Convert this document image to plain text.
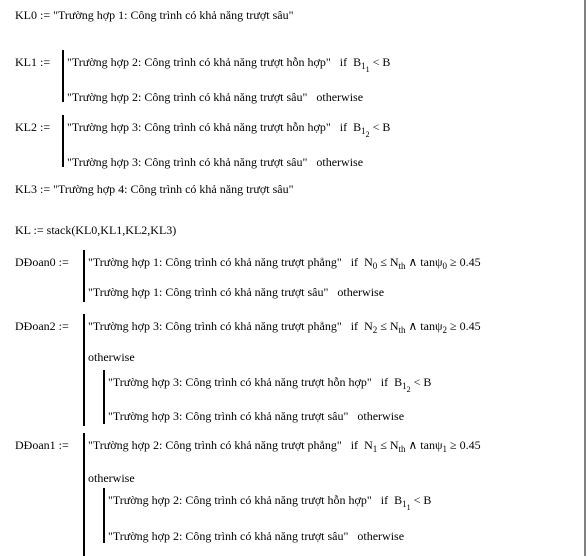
KL0 := "Trường hợp 1: Công trình có khả năng trượt sâu"
KL1 := "Trường hợp 2: Công trình có khả năng trượt hỗn hợp" if $B_{1_1} < B$
"Trường hợp 2: Công trình có khả năng trượt sâu" otherwise
KL2 := "Trường hợp 3: Công trình có khả năng trượt hỗn hợp" if $B_{1_2} < B$
"Trường hợp 3: Công trình có khả năng trượt sâu" otherwise
KL3 := "Trường hợp 4: Công trình có khả năng trượt sâu"
KL := stack(KL0,KL1,KL2,KL3)
DĐoan0 := "Trường hợp 1: Công trình có khả năng trượt phẳng" if $N_0 \le N_{th}$ ∧ tanψ$_0$ ≥ 0.45
"Trường hợp 1: Công trình có khả năng trượt sâu" otherwise
DĐoan2 := "Trường hợp 3: Công trình có khả năng trượt phẳng" if $N_2 \le N_{th}$ ∧ tanψ$_2$ ≥ 0.45
otherwise
"Trường hợp 3: Công trình có khả năng trượt hỗn hợp" if $B_{1_2} < B$
"Trường hợp 3: Công trình có khả năng trượt sâu" otherwise
DĐoan1 := "Trường hợp 2: Công trình có khả năng trượt phẳng" if $N_1 \le N_{th}$ ∧ tanψ$_1$ ≥ 0.45
otherwise
"Trường hợp 2: Công trình có khả năng trượt hỗn hợp" if $B_{1_1} < B$
"Trường hợp 2: Công trình có khả năng trượt sâu" otherwise
